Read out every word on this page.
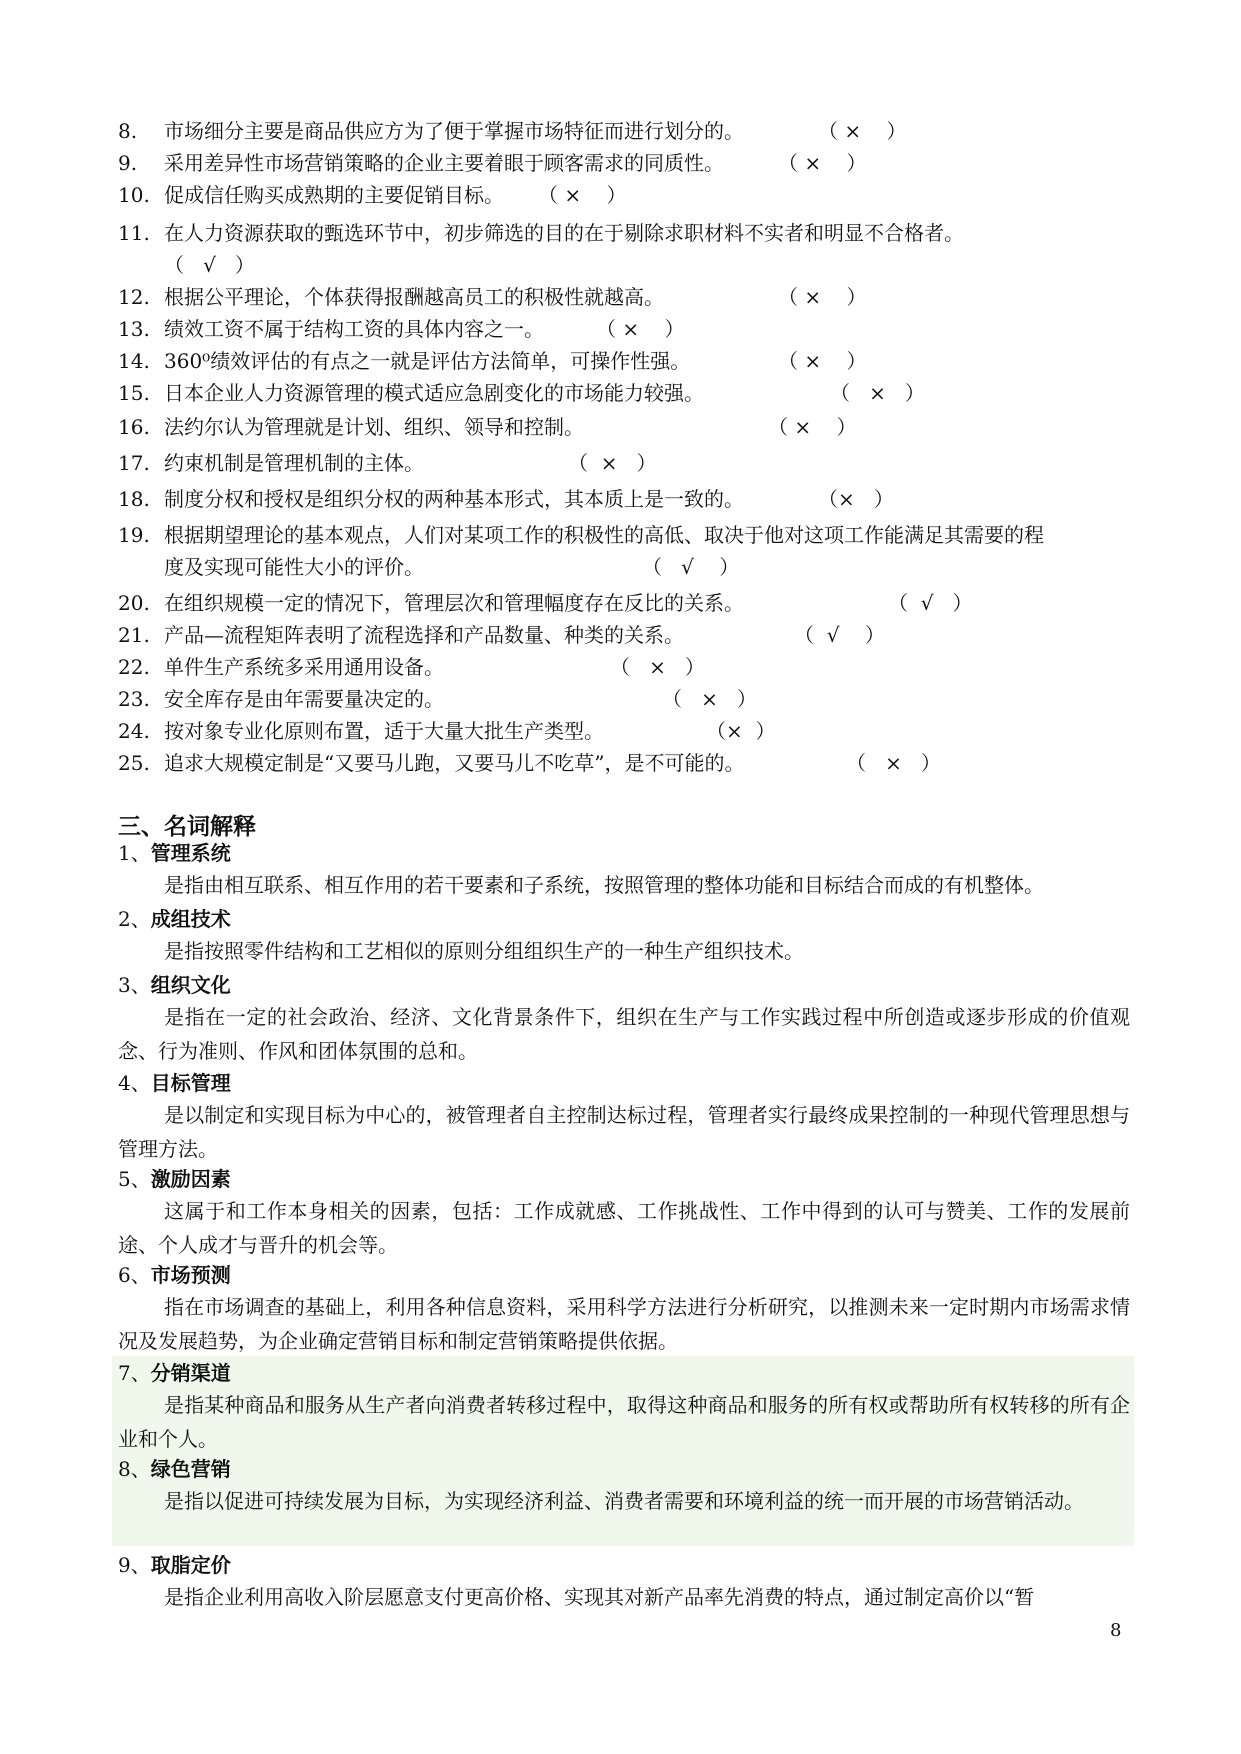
8. 市场细分主要是商品供应方为了便于掌握市场特征而进行划分的。	（ ×    ）
9. 采用差异性市场营销策略的企业主要着眼于顾客需求的同质性。	（ ×    ）
10. 促成信任购买成熟期的主要促销目标。 （ ×    ）
11. 在人力资源获取的甄选环节中，初步筛选的目的在于剔除求职材料不实者和明显不合格者。
（   √   ）
12. 根据公平理论，个体获得报酬越高员工的积极性就越高。	（ ×    ）
13. 绩效工资不属于结构工资的具体内容之一。	（ ×    ）
14. 360⁰绩效评估的有点之一就是评估方法简单，可操作性强。	（ ×    ）
15. 日本企业人力资源管理的模式适应急剧变化的市场能力较强。	（   ×   ）
16. 法约尔认为管理就是计划、组织、领导和控制。	（ ×    ）
17. 约束机制是管理机制的主体。	（  ×   ）
18. 制度分权和授权是组织分权的两种基本形式，其本质上是一致的。	（×   ）
19. 根据期望理论的基本观点，人们对某项工作的积极性的高低、取决于他对这项工作能满足其需要的程
度及实现可能性大小的评价。	（   √    ）
20. 在组织规模一定的情况下，管理层次和管理幅度存在反比的关系。	（  √   ）
21. 产品—流程矩阵表明了流程选择和产品数量、种类的关系。	（  √    ）
22. 单件生产系统多采用通用设备。	（   ×   ）
23. 安全库存是由年需要量决定的。	（   ×   ）
24. 按对象专业化原则布置，适于大量大批生产类型。	（×  ）
25. 追求大规模定制是“又要马儿跑，又要马儿不吃草”，是不可能的。	（   ×   ）
三、名词解释
1、管理系统
是指由相互联系、相互作用的若干要素和子系统，按照管理的整体功能和目标结合而成的有机整体。
2、成组技术
是指按照零件结构和工艺相似的原则分组组织生产的一种生产组织技术。
3、组织文化
是指在一定的社会政治、经济、文化背景条件下，组织在生产与工作实践过程中所创造或逐步形成的价值观念、行为准则、作风和团体氛围的总和。
4、目标管理
是以制定和实现目标为中心的，被管理者自主控制达标过程，管理者实行最终成果控制的一种现代管理思想与管理方法。
5、激励因素
这属于和工作本身相关的因素，包括：工作成就感、工作挑战性、工作中得到的认可与赞美、工作的发展前途、个人成才与晋升的机会等。
6、市场预测
指在市场调查的基础上，利用各种信息资料，采用科学方法进行分析研究，以推测未来一定时期内市场需求情况及发展趋势，为企业确定营销目标和制定营销策略提供依据。
7、分销渠道
是指某种商品和服务从生产者向消费者转移过程中，取得这种商品和服务的所有权或帮助所有权转移的所有企业和个人。
8、绿色营销
是指以促进可持续发展为目标，为实现经济利益、消费者需要和环境利益的统一而开展的市场营销活动。
9、取脂定价
是指企业利用高收入阶层愿意支付更高价格、实现其对新产品率先消费的特点，通过制定高价以“暂
8
